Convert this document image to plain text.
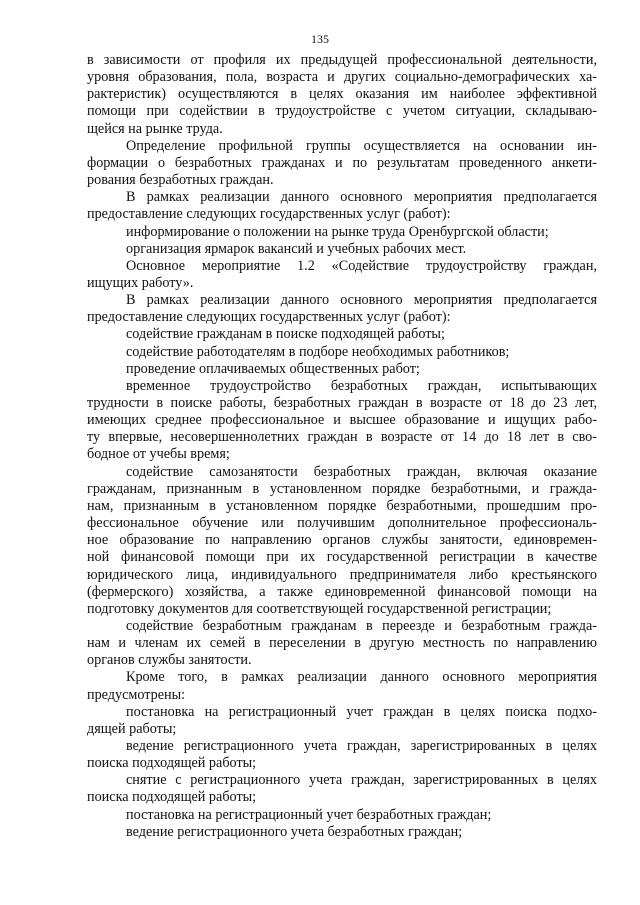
135
в зависимости от профиля их предыдущей профессиональной деятельности,
уровня образования, пола, возраста и других социально-демографических ха-
рактеристик) осуществляются в целях оказания им наиболее эффективной
помощи при содействии в трудоустройстве с учетом ситуации, складываю-
щейся на рынке труда.
Определение профильной группы осуществляется на основании ин-
формации о безработных гражданах и по результатам проведенного анкети-
рования безработных граждан.
В рамках реализации данного основного мероприятия предполагается
предоставление следующих государственных услуг (работ):
информирование о положении на рынке труда Оренбургской области;
организация ярмарок вакансий и учебных рабочих мест.
Основное мероприятие 1.2 «Содействие трудоустройству граждан,
ищущих работу».
В рамках реализации данного основного мероприятия предполагается
предоставление следующих государственных услуг (работ):
содействие гражданам в поиске подходящей работы;
содействие работодателям в подборе необходимых работников;
проведение оплачиваемых общественных работ;
временное трудоустройство безработных граждан, испытывающих
трудности в поиске работы, безработных граждан в возрасте от 18 до 23 лет,
имеющих среднее профессиональное и высшее образование и ищущих рабо-
ту впервые, несовершеннолетних граждан в возрасте от 14 до 18 лет в сво-
бодное от учебы время;
содействие самозанятости безработных граждан, включая оказание
гражданам, признанным в установленном порядке безработными, и гражда-
нам, признанным в установленном порядке безработными, прошедшим про-
фессиональное обучение или получившим дополнительное профессиональ-
ное образование по направлению органов службы занятости, единовремен-
ной финансовой помощи при их государственной регистрации в качестве
юридического лица, индивидуального предпринимателя либо крестьянского
(фермерского) хозяйства, а также единовременной финансовой помощи на
подготовку документов для соответствующей государственной регистрации;
содействие безработным гражданам в переезде и безработным гражда-
нам и членам их семей в переселении в другую местность по направлению
органов службы занятости.
Кроме того, в рамках реализации данного основного мероприятия
предусмотрены:
постановка на регистрационный учет граждан в целях поиска подхо-
дящей работы;
ведение регистрационного учета граждан, зарегистрированных в целях
поиска подходящей работы;
снятие с регистрационного учета граждан, зарегистрированных в целях
поиска подходящей работы;
постановка на регистрационный учет безработных граждан;
ведение регистрационного учета безработных граждан;
